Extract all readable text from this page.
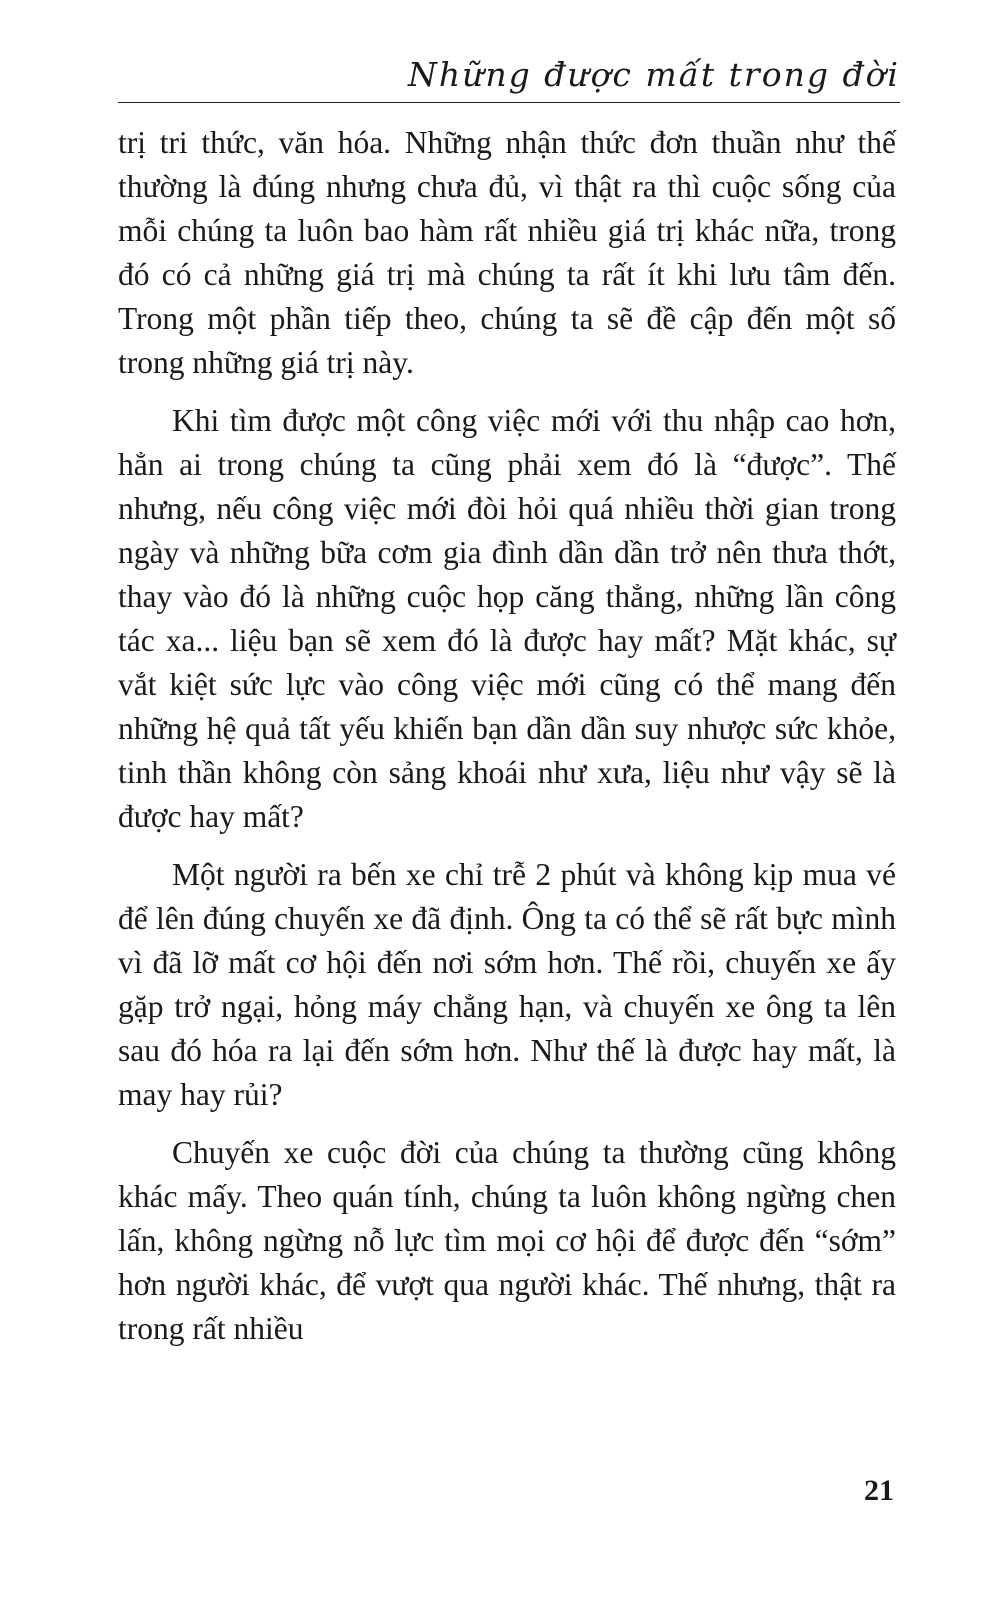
Những được mất trong đời

trị tri thức, văn hóa. Những nhận thức đơn thuần như thế thường là đúng nhưng chưa đủ, vì thật ra thì cuộc sống của mỗi chúng ta luôn bao hàm rất nhiều giá trị khác nữa, trong đó có cả những giá trị mà chúng ta rất ít khi lưu tâm đến. Trong một phần tiếp theo, chúng ta sẽ đề cập đến một số trong những giá trị này.

Khi tìm được một công việc mới với thu nhập cao hơn, hẳn ai trong chúng ta cũng phải xem đó là “được”. Thế nhưng, nếu công việc mới đòi hỏi quá nhiều thời gian trong ngày và những bữa cơm gia đình dần dần trở nên thưa thớt, thay vào đó là những cuộc họp căng thẳng, những lần công tác xa... liệu bạn sẽ xem đó là được hay mất? Mặt khác, sự vắt kiệt sức lực vào công việc mới cũng có thể mang đến những hệ quả tất yếu khiến bạn dần dần suy nhược sức khỏe, tinh thần không còn sảng khoái như xưa, liệu như vậy sẽ là được hay mất?

Một người ra bến xe chỉ trễ 2 phút và không kịp mua vé để lên đúng chuyến xe đã định. Ông ta có thể sẽ rất bực mình vì đã lỡ mất cơ hội đến nơi sớm hơn. Thế rồi, chuyến xe ấy gặp trở ngại, hỏng máy chẳng hạn, và chuyến xe ông ta lên sau đó hóa ra lại đến sớm hơn. Như thế là được hay mất, là may hay rủi?

Chuyến xe cuộc đời của chúng ta thường cũng không khác mấy. Theo quán tính, chúng ta luôn không ngừng chen lấn, không ngừng nỗ lực tìm mọi cơ hội để được đến “sớm” hơn người khác, để vượt qua người khác. Thế nhưng, thật ra trong rất nhiều

21
